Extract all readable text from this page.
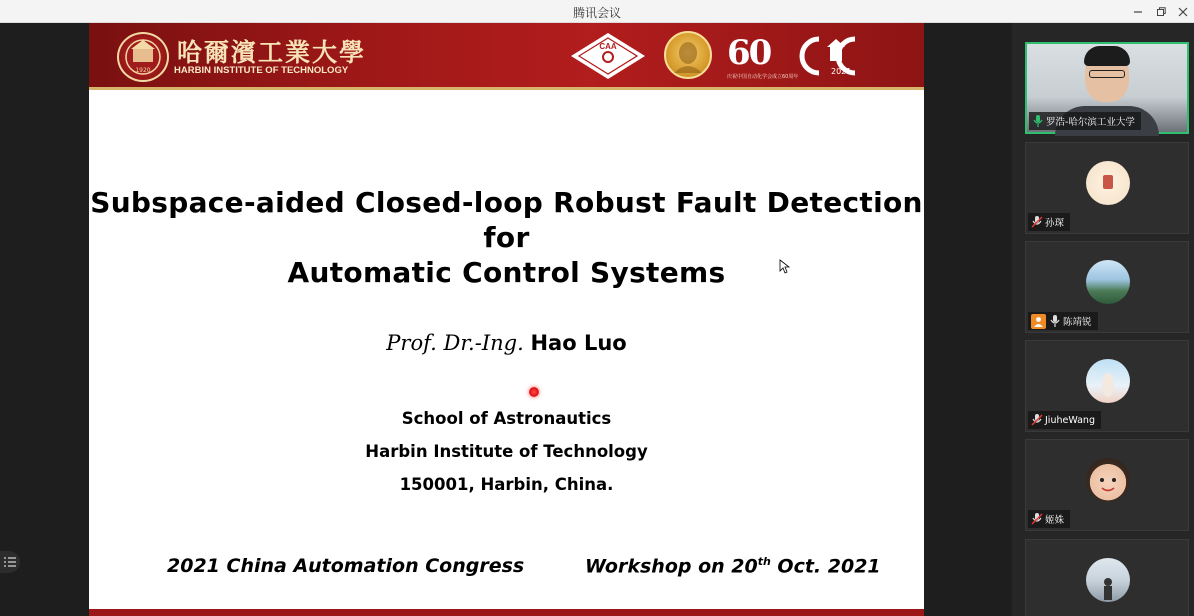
腾讯会议
1920
哈爾濱工業大學
HARBIN INSTITUTE OF TECHNOLOGY
CAA	60
庆祝中国自动化学会成立60周年
2021
Subspace-aided Closed-loop Robust Fault Detection for
Automatic Control Systems
Prof. Dr.-Ing. Hao Luo
School of Astronautics
Harbin Institute of Technology
150001, Harbin, China.
2021 China Automation Congress	Workshop on 20th Oct. 2021
罗浩-哈尔滨工业大学
孙琛
陈靖锐
JiuheWang
姬姝
